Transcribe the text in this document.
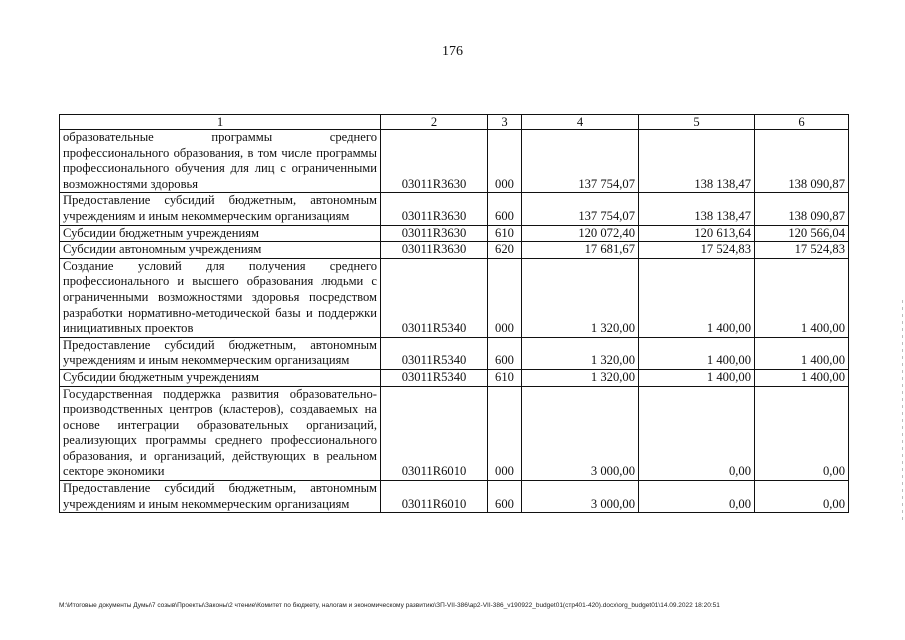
176
1	2	3	4	5	6
образовательные программы среднего профессионального образования, в том числе программы профессионального обучения для лиц с ограниченными возможностями здоровья	03011R3630	000	137 754,07	138 138,47	138 090,87
Предоставление субсидий бюджетным, автономным учреждениям и иным некоммерческим организациям	03011R3630	600	137 754,07	138 138,47	138 090,87
Субсидии бюджетным учреждениям	03011R3630	610	120 072,40	120 613,64	120 566,04
Субсидии автономным учреждениям	03011R3630	620	17 681,67	17 524,83	17 524,83
Создание условий для получения среднего профессионального и высшего образования людьми с ограниченными возможностями здоровья посредством разработки нормативно-методической базы и поддержки инициативных проектов	03011R5340	000	1 320,00	1 400,00	1 400,00
Предоставление субсидий бюджетным, автономным учреждениям и иным некоммерческим организациям	03011R5340	600	1 320,00	1 400,00	1 400,00
Субсидии бюджетным учреждениям	03011R5340	610	1 320,00	1 400,00	1 400,00
Государственная поддержка развития образовательно-производственных центров (кластеров), создаваемых на основе интеграции образовательных организаций, реализующих программы среднего профессионального образования, и организаций, действующих в реальном секторе экономики	03011R6010	000	3 000,00	0,00	0,00
Предоставление субсидий бюджетным, автономным учреждениям и иным некоммерческим организациям	03011R6010	600	3 000,00	0,00	0,00
M:\Итоговые документы Думы\7 созыв\Проекты\Законы\2 чтение\Комитет по бюджету, налогам и экономическому развитию\ЗП-VII-386\ap2-VII-386_v190922_budget01(стр401-420).docx\org_budget01\14.09.2022 18:20:51
